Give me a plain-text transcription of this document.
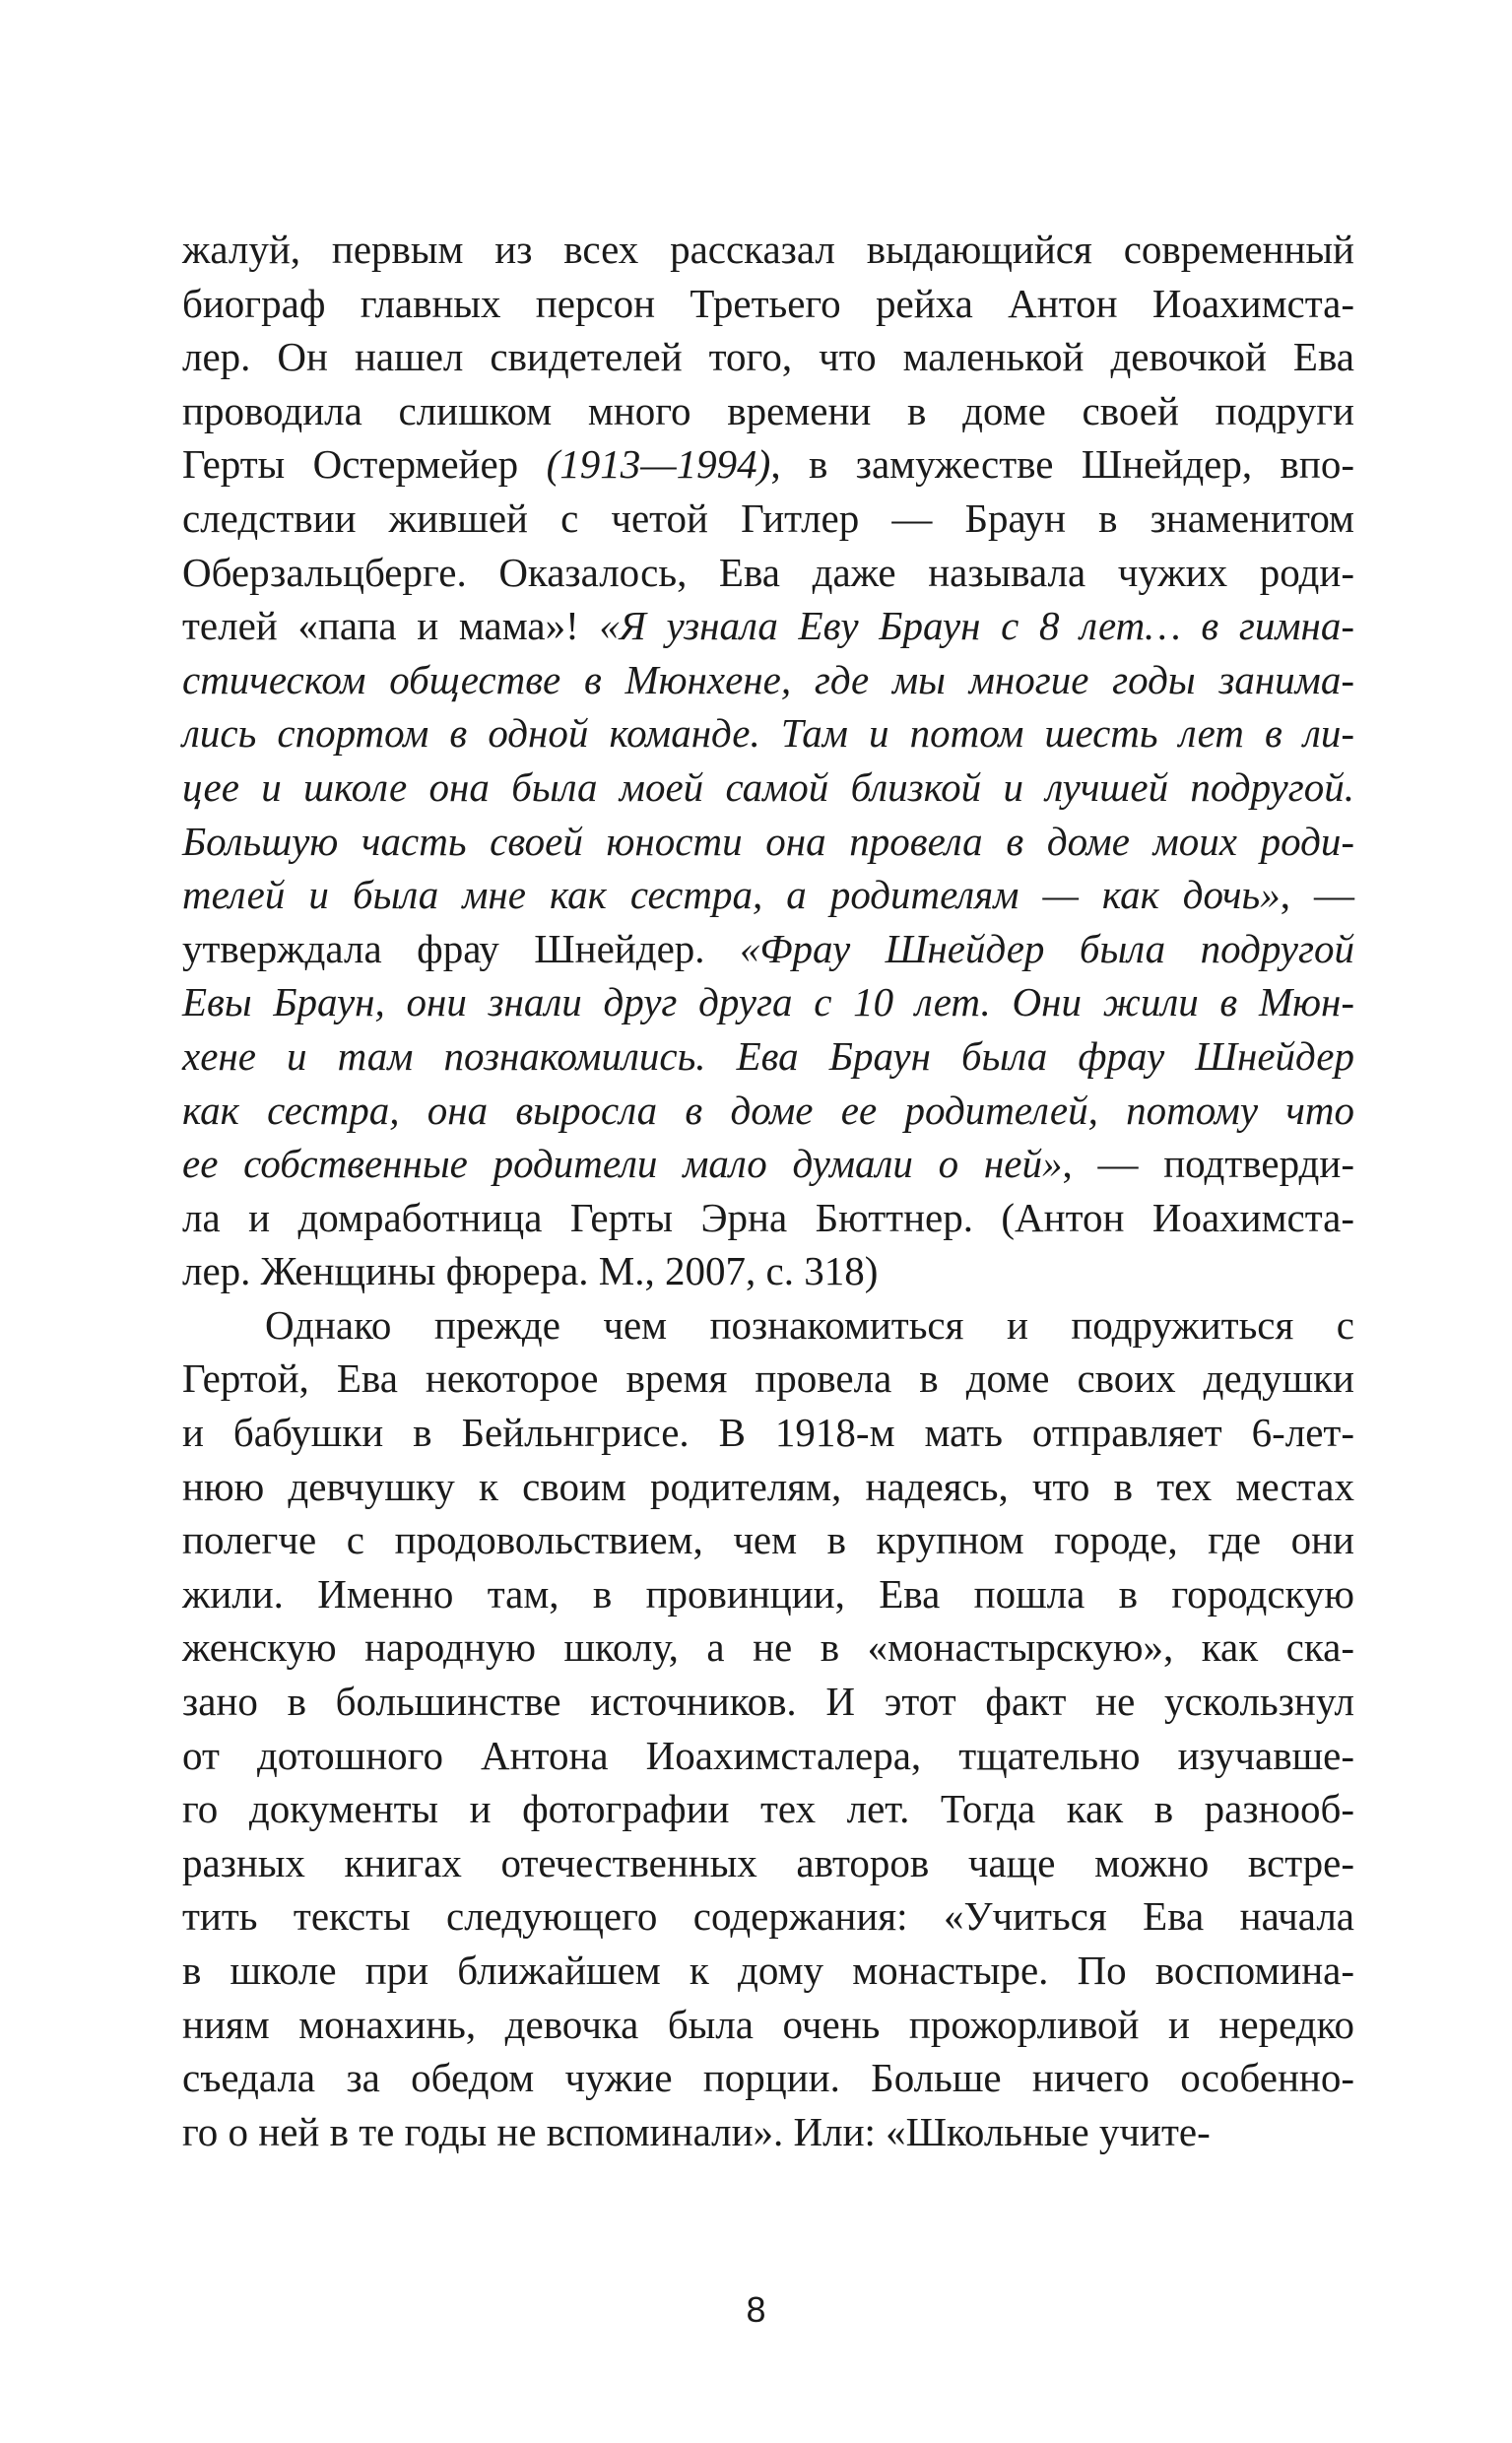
жалуй, первым из всех рассказал выдающийся современный
биограф главных персон Третьего рейха Антон Иоахимста-
лер. Он нашел свидетелей того, что маленькой девочкой Ева
проводила слишком много времени в доме своей подруги
Герты Остермейер (1913—1994), в замужестве Шнейдер, впо-
следствии жившей с четой Гитлер — Браун в знаменитом
Оберзальцберге. Оказалось, Ева даже называла чужих роди-
телей «папа и мама»! «Я узнала Еву Браун с 8 лет… в гимна-
стическом обществе в Мюнхене, где мы многие годы занима-
лись спортом в одной команде. Там и потом шесть лет в ли-
цее и школе она была моей самой близкой и лучшей подругой.
Большую часть своей юности она провела в доме моих роди-
телей и была мне как сестра, а родителям — как дочь», —
утверждала фрау Шнейдер. «Фрау Шнейдер была подругой
Евы Браун, они знали друг друга с 10 лет. Они жили в Мюн-
хене и там познакомились. Ева Браун была фрау Шнейдер
как сестра, она выросла в доме ее родителей, потому что
ее собственные родители мало думали о ней», — подтверди-
ла и домработница Герты Эрна Бюттнер. (Антон Иоахимста-
лер. Женщины фюрера. М., 2007, с. 318)
Однако прежде чем познакомиться и подружиться с
Гертой, Ева некоторое время провела в доме своих дедушки
и бабушки в Бейльнгрисе. В 1918-м мать отправляет 6-лет-
нюю девчушку к своим родителям, надеясь, что в тех местах
полегче с продовольствием, чем в крупном городе, где они
жили. Именно там, в провинции, Ева пошла в городскую
женскую народную школу, а не в «монастырскую», как ска-
зано в большинстве источников. И этот факт не ускользнул
от дотошного Антона Иоахимсталера, тщательно изучавше-
го документы и фотографии тех лет. Тогда как в разнооб-
разных книгах отечественных авторов чаще можно встре-
тить тексты следующего содержания: «Учиться Ева начала
в школе при ближайшем к дому монастыре. По воспомина-
ниям монахинь, девочка была очень прожорливой и нередко
съедала за обедом чужие порции. Больше ничего особенно-
го о ней в те годы не вспоминали». Или: «Школьные учите-
8
